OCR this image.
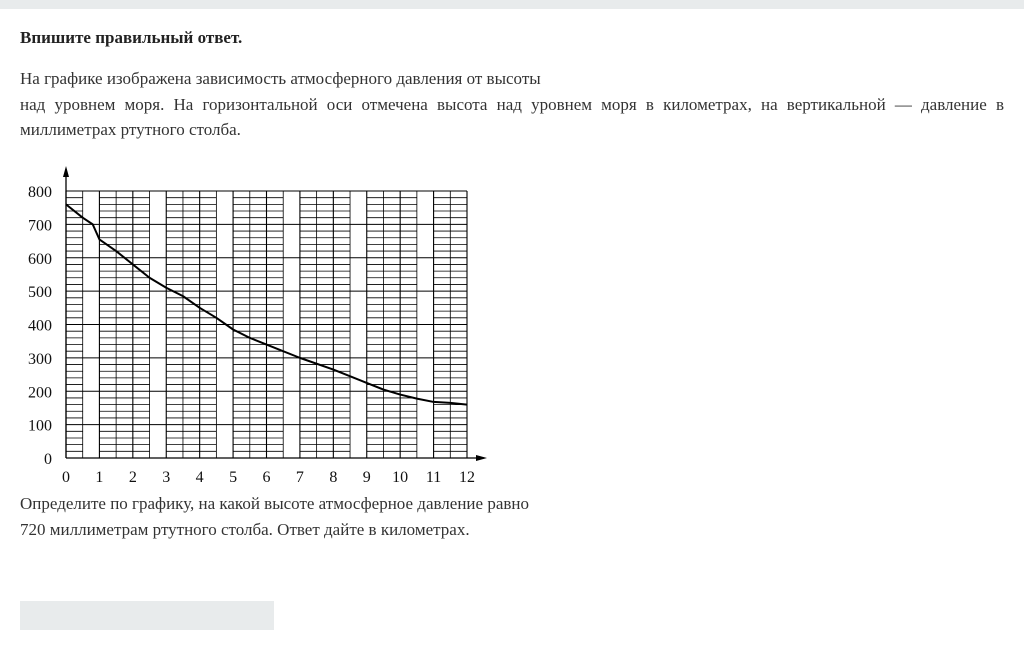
Впишите правильный ответ.
На графике изображена зависимость атмосферного давления от высоты
над уровнем моря. На горизонтальной оси отмечена высота над уровнем моря в километрах, на вертикальной — давление в
миллиметрах ртутного столба.
0 1 2 3 4 5 6 7 8 9 10 11 12
0
100
200
300
400
500
600
700
800
Определите по графику, на какой высоте атмосферное давление равно
720 миллиметрам ртутного столба. Ответ дайте в километрах.
